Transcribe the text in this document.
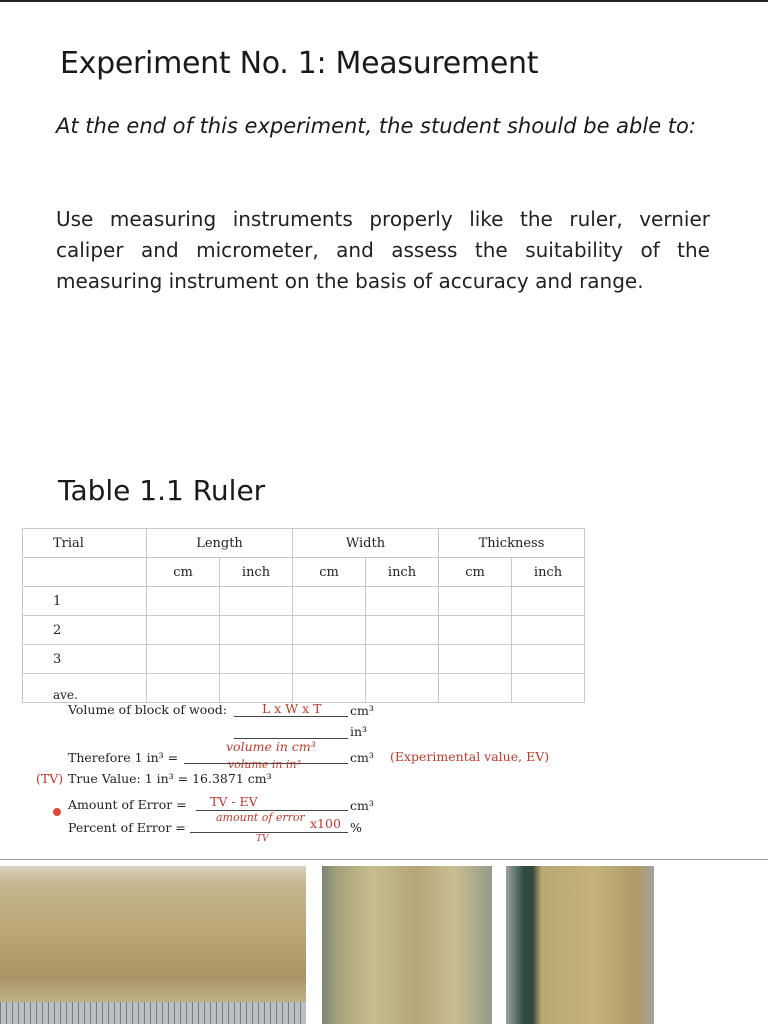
Experiment No. 1: Measurement
At the end of this experiment, the student should be able to:
Use measuring instruments properly like the ruler, vernier caliper and micrometer, and assess the suitability of the measuring instrument on the basis of accuracy and range.
Table 1.1 Ruler
Trial	Length		Width		Thickness	
	cm	inch	cm	inch	cm	inch
1						
2						
3						
ave.						
Volume of block of wood:	L x W x T cm³
in³
Therefore 1 in³ =
volume in cm³
volume in in³	cm³ (Experimental value, EV)
(TV) True Value: 1 in³ = 16.3871 cm³
Amount of Error = TV - EV	cm³
Percent of Error =
amount of error
TV
x100 %
